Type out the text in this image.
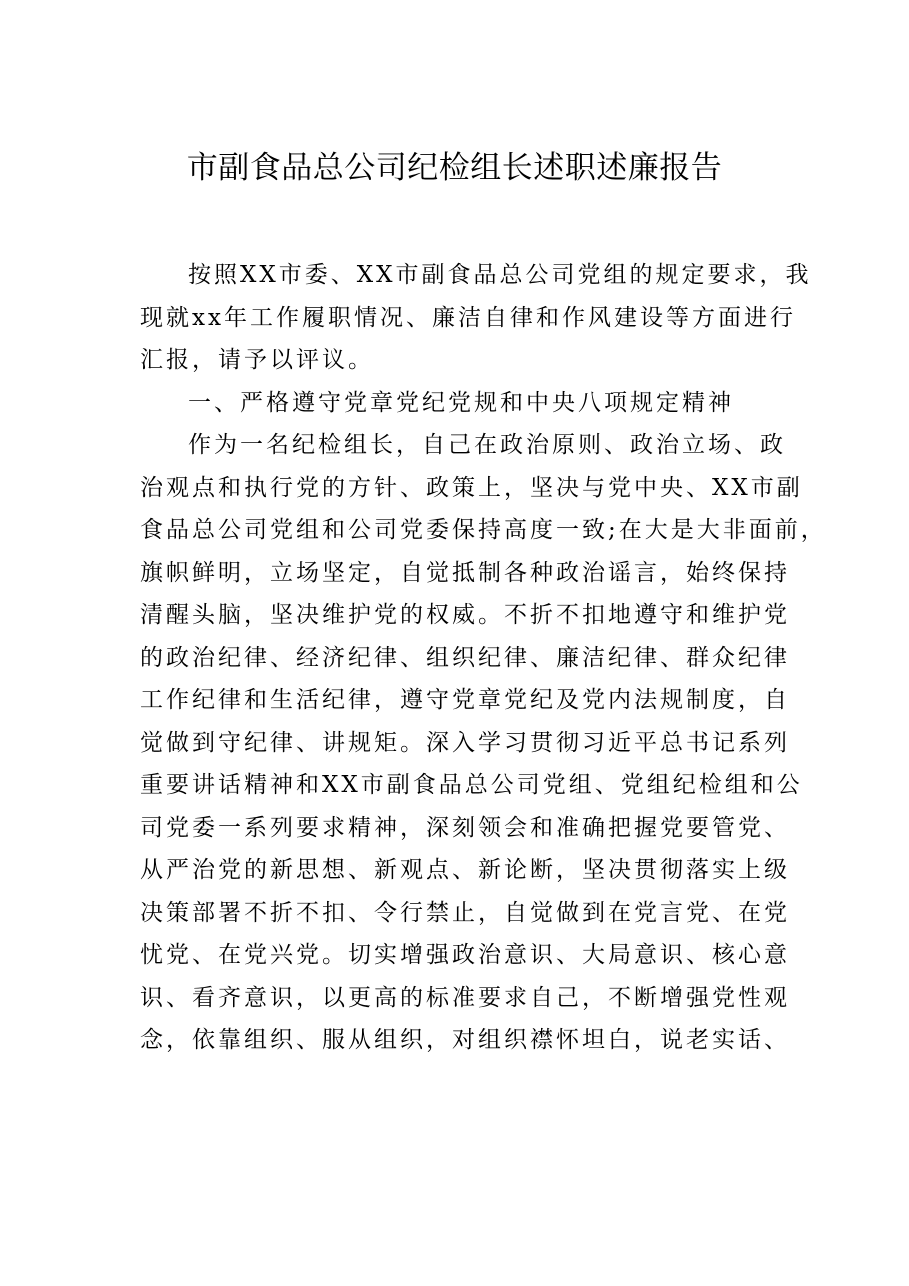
市副食品总公司纪检组长述职述廉报告
按照XX市委、XX市副食品总公司党组的规定要求，我
现就xx年工作履职情况、廉洁自律和作风建设等方面进行
汇报，请予以评议。
一、严格遵守党章党纪党规和中央八项规定精神
作为一名纪检组长，自己在政治原则、政治立场、政
治观点和执行党的方针、政策上，坚决与党中央、XX市副
食品总公司党组和公司党委保持高度一致;在大是大非面前，
旗帜鲜明，立场坚定，自觉抵制各种政治谣言，始终保持
清醒头脑，坚决维护党的权威。不折不扣地遵守和维护党
的政治纪律、经济纪律、组织纪律、廉洁纪律、群众纪律
工作纪律和生活纪律，遵守党章党纪及党内法规制度，自
觉做到守纪律、讲规矩。深入学习贯彻习近平总书记系列
重要讲话精神和XX市副食品总公司党组、党组纪检组和公
司党委一系列要求精神，深刻领会和准确把握党要管党、
从严治党的新思想、新观点、新论断，坚决贯彻落实上级
决策部署不折不扣、令行禁止，自觉做到在党言党、在党
忧党、在党兴党。切实增强政治意识、大局意识、核心意
识、看齐意识，以更高的标准要求自己，不断增强党性观
念，依靠组织、服从组织，对组织襟怀坦白，说老实话、
